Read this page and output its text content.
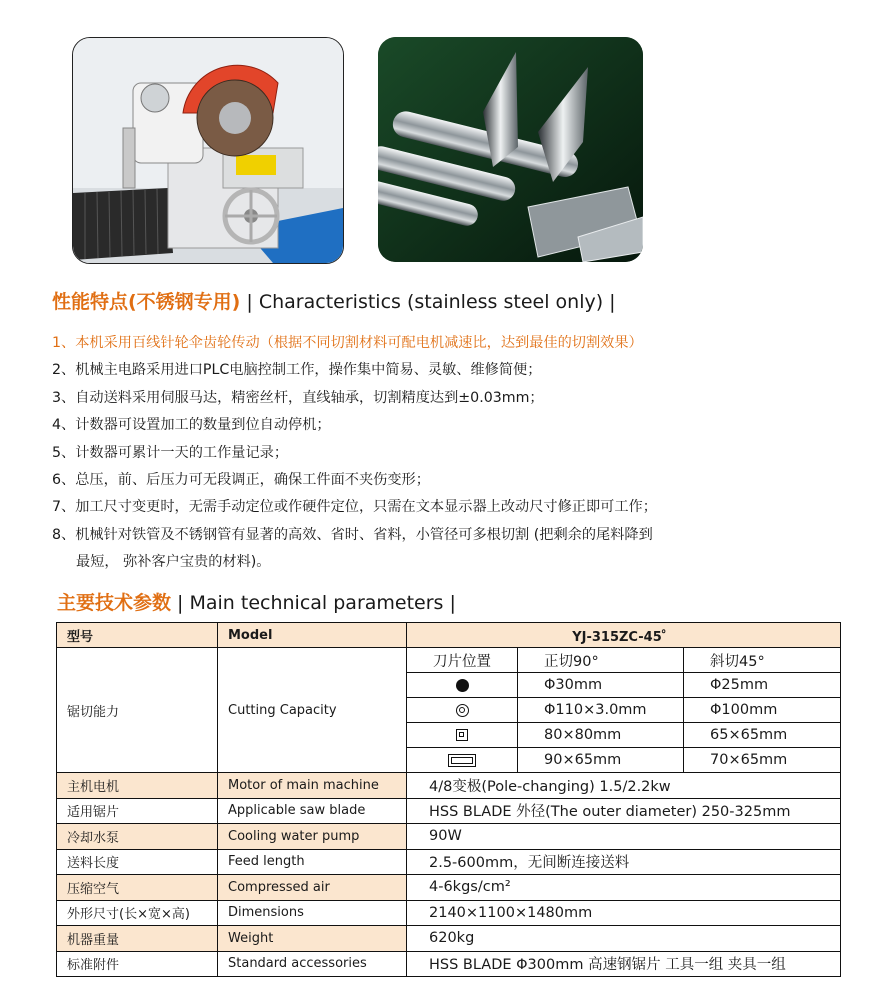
性能特点(不锈钢专用) | Characteristics (stainless steel only) |
1、本机采用百线针轮伞齿轮传动（根据不同切割材料可配电机减速比，达到最佳的切割效果）
2、机械主电路采用进口PLC电脑控制工作，操作集中简易、灵敏、维修简便；
3、自动送料采用伺服马达，精密丝杆，直线轴承，切割精度达到±0.03mm；
4、计数器可设置加工的数量到位自动停机；
5、计数器可累计一天的工作量记录；
6、总压，前、后压力可无段调正，确保工件面不夹伤变形；
7、加工尺寸变更时，无需手动定位或作硬件定位，只需在文本显示器上改动尺寸修正即可工作；
8、机械针对铁管及不锈钢管有显著的高效、省时、省料，小管径可多根切割 (把剩余的尾料降到
最短， 弥补客户宝贵的材料)。
主要技术参数 | Main technical parameters |
型号	Model	YJ-315ZC-45゜		
锯切能力	Cutting Capacity	刀片位置	正切90°	斜切45°
			Φ30mm	Φ25mm
			Φ110×3.0mm	Φ100mm
			80×80mm	65×65mm
			90×65mm	70×65mm
主机电机	Motor of main machine	4/8变极(Pole-changing) 1.5/2.2kw		
适用锯片	Applicable saw blade	HSS BLADE 外径(The outer diameter) 250-325mm		
冷却水泵	Cooling water pump	90W		
送料长度	Feed length	2.5-600mm，无间断连接送料		
压缩空气	Compressed air	4-6kgs/cm²		
外形尺寸(长×宽×高)	Dimensions	2140×1100×1480mm		
机器重量	Weight	620kg		
标准附件	Standard accessories	HSS BLADE Φ300mm 高速钢锯片 工具一组 夹具一组		
